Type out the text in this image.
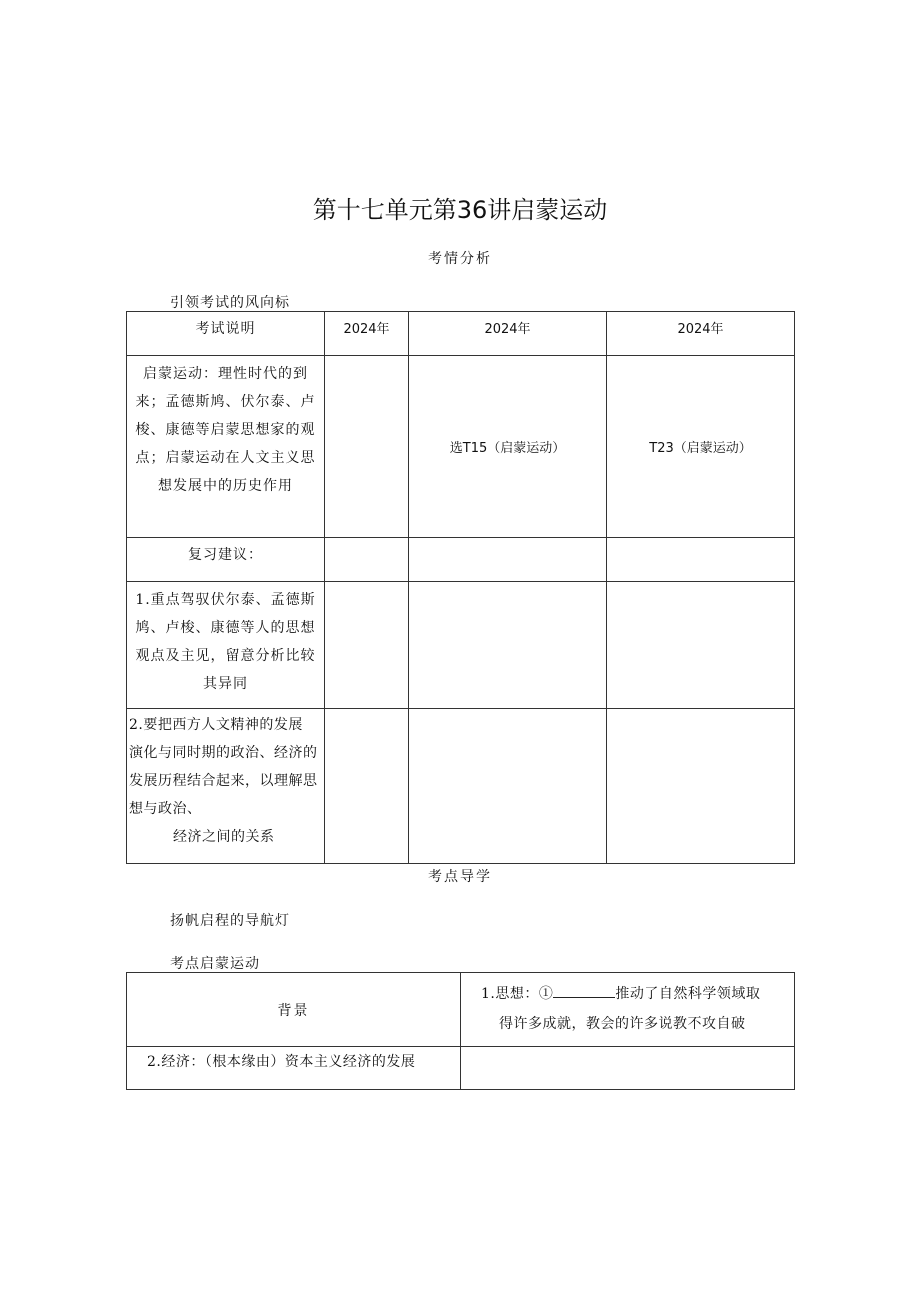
第十七单元第36讲启蒙运动
考情分析
引领考试的风向标
考试说明	2024年	2024年	2024年

启蒙运动：理性时代的到
来；孟德斯鸠、伏尔泰、卢
梭、康德等启蒙思想家的观
点；启蒙运动在人文主义思
想发展中的历史作用		选T15（启蒙运动）	T23（启蒙运动）
复习建议：			

1.重点驾驭伏尔泰、孟德斯
鸠、卢梭、康德等人的思想
观点及主见，留意分析比较
其异同			

2.要把西方人文精神的发展
演化与同时期的政治、经济的
发展历程结合起来，以理解思
想与政治、
经济之间的关系			

考点导学
扬帆启程的导航灯
考点启蒙运动
背景	1.思想：① 推动了自然科学领域取
得许多成就，教会的许多说教不攻自破

2.经济：（根本缘由）资本主义经济的发展	
